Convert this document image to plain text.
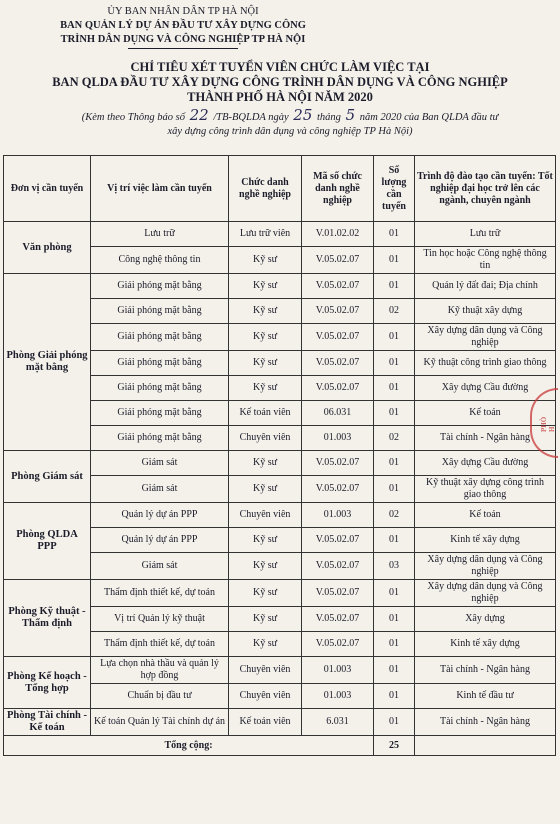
ỦY BAN NHÂN DÂN TP HÀ NỘI
BAN QUẢN LÝ DỰ ÁN ĐẦU TƯ XÂY DỰNG CÔNG
TRÌNH DÂN DỤNG VÀ CÔNG NGHIỆP TP HÀ NỘI
CHỈ TIÊU XÉT TUYỂN VIÊN CHỨC LÀM VIỆC TẠI
BAN QLDA ĐẦU TƯ XÂY DỰNG CÔNG TRÌNH DÂN DỤNG VÀ CÔNG NGHIỆP
THÀNH PHỐ HÀ NỘI NĂM 2020
(Kèm theo Thông báo số 22 /TB-BQLDA ngày 25 tháng 5 năm 2020 của Ban QLDA đầu tư
xây dựng công trình dân dụng và công nghiệp TP Hà Nội)
Đơn vị cần tuyển	Vị trí việc làm cần tuyển	Chức danh nghề nghiệp	Mã số chức danh nghề nghiệp	Số lượng cần tuyển	Trình độ đào tạo cần tuyển: Tốt nghiệp đại học trở lên các ngành, chuyên ngành
Văn phòng	Lưu trữ	Lưu trữ viên	V.01.02.02	01	Lưu trữ
	Công nghệ thông tin	Kỹ sư	V.05.02.07	01	Tin học hoặc Công nghệ thông tin
Phòng Giải phóng mặt bằng	Giải phóng mặt bằng	Kỹ sư	V.05.02.07	01	Quản lý đất đai; Địa chính
	Giải phóng mặt bằng	Kỹ sư	V.05.02.07	02	Kỹ thuật xây dựng
	Giải phóng mặt bằng	Kỹ sư	V.05.02.07	01	Xây dựng dân dụng và Công nghiệp
	Giải phóng mặt bằng	Kỹ sư	V.05.02.07	01	Kỹ thuật công trình giao thông
	Giải phóng mặt bằng	Kỹ sư	V.05.02.07	01	Xây dựng Cầu đường
	Giải phóng mặt bằng	Kế toán viên	06.031	01	Kế toán
	Giải phóng mặt bằng	Chuyên viên	01.003	02	Tài chính - Ngân hàng
Phòng Giám sát	Giám sát	Kỹ sư	V.05.02.07	01	Xây dựng Cầu đường
	Giám sát	Kỹ sư	V.05.02.07	01	Kỹ thuật xây dựng công trình giao thông
Phòng QLDA PPP	Quản lý dự án PPP	Chuyên viên	01.003	02	Kế toán
	Quản lý dự án PPP	Kỹ sư	V.05.02.07	01	Kinh tế xây dựng
	Giám sát	Kỹ sư	V.05.02.07	03	Xây dựng dân dụng và Công nghiệp
Phòng Kỹ thuật - Thẩm định	Thẩm định thiết kế, dự toán	Kỹ sư	V.05.02.07	01	Xây dựng dân dụng và Công nghiệp
	Vị trí Quản lý kỹ thuật	Kỹ sư	V.05.02.07	01	Xây dựng
	Thẩm định thiết kế, dự toán	Kỹ sư	V.05.02.07	01	Kinh tế xây dựng
Phòng Kế hoạch - Tổng hợp	Lựa chọn nhà thầu và quản lý hợp đồng	Chuyên viên	01.003	01	Tài chính - Ngân hàng
	Chuẩn bị đầu tư	Chuyên viên	01.003	01	Kinh tế đầu tư
Phòng Tài chính - Kế toán	Kế toán Quản lý Tài chính dự án	Kế toán viên	6.031	01	Tài chính - Ngân hàng
Tổng cộng:				25	
PHÒ H
